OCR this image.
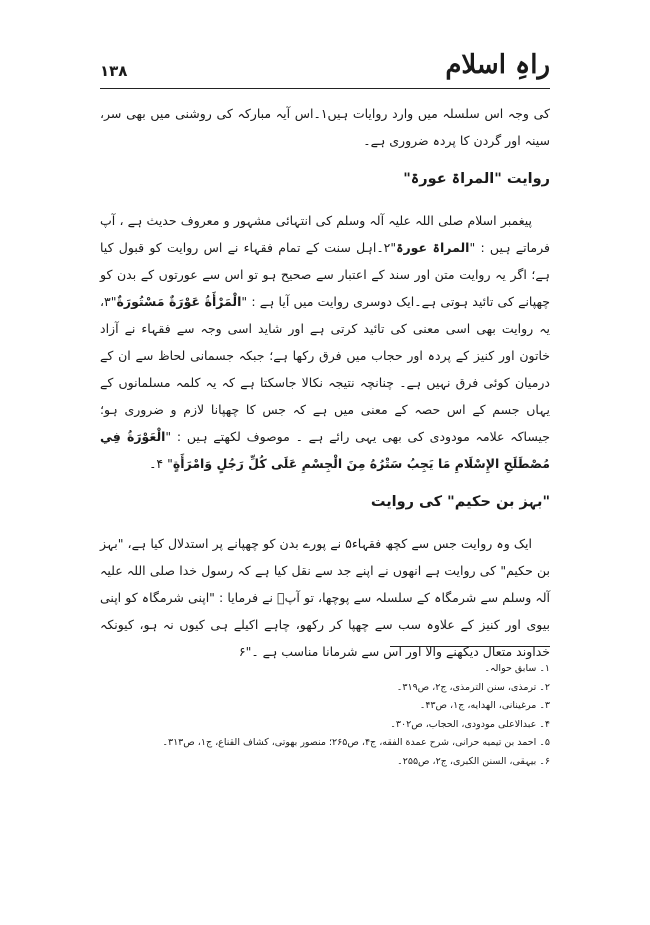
۱۳۸	راہِ اسلام

کی وجہ اس سلسلہ میں وارد روایات ہیں۱۔اس آیہ مبارکہ کی روشنی میں بھی سر، سینہ اور گردن کا پردہ ضروری ہے۔

روایت "المراۃ عورۃ"

پیغمبر اسلام صلی اللہ علیہ آلہ وسلم کی انتہائی مشہور و معروف حدیث ہے ، آپ فرماتے ہیں : "المراۃ عورۃ"۲۔اہل سنت کے تمام فقہاء نے اس روایت کو قبول کیا ہے؛ اگر یہ روایت متن اور سند کے اعتبار سے صحیح ہو تو اس سے عورتوں کے بدن کو چھپانے کی تائید ہوتی ہے۔ایک دوسری روایت میں آیا ہے : "الْمَرْأَةُ عَوْرَةٌ مَسْتُورَةٌ"۳، یہ روایت بھی اسی معنی کی تائید کرتی ہے اور شاید اسی وجہ سے فقہاء نے آزاد خاتون اور کنیز کے پردہ اور حجاب میں فرق رکھا ہے؛ جبکہ جسمانی لحاظ سے ان کے درمیان کوئی فرق نہیں ہے۔ چنانچہ نتیجہ نکالا جاسکتا ہے کہ یہ کلمہ مسلمانوں کے یہاں جسم کے اس حصہ کے معنی میں ہے کہ جس کا چھپانا لازم و ضروری ہو؛ جیساکہ علامہ مودودی کی بھی یہی رائے ہے ۔ موصوف لکھتے ہیں : "الْعَوْرَةُ فِي مُصْطَلَحِ الإِسْلَامِ مَا يَجِبُ سَتْرُهُ مِنَ الْجِسْمِ عَلَى كُلِّ رَجُلٍ وَامْرَأَةٍ" ۴۔

"بہز بن حکیم" کی روایت

ایک وہ روایت جس سے کچھ فقہاء۵ نے پورے بدن کو چھپانے پر استدلال کیا ہے، "بہز بن حکیم" کی روایت ہے انھوں نے اپنے جد سے نقل کیا ہے کہ رسول خدا صلی اللہ علیہ آلہ وسلم سے شرمگاہ کے سلسلہ سے پوچھا، تو آپؐ نے فرمایا : "اپنی شرمگاہ کو اپنی بیوی اور کنیز کے علاوہ سب سے چھپا کر رکھو، چاہے اکیلے ہی کیوں نہ ہو، کیونکہ خداوند متعال دیکھنے والا اور اس سے شرمانا مناسب ہے ۔"۶

۱۔ سابق حوالہ۔
۲۔ ترمذی، سنن الترمذی، ج۲، ص۳۱۹۔
۳۔ مرغینانی، الهدایه، ج۱، ص۴۳۔
۴۔ عبدالاعلی مودودی، الحجاب، ص۳۰۲۔
۵۔ احمد بن تیمیه حرانی، شرح عمدة الفقه، ج۴، ص۲۶۵؛ منصور بهوتی، کشاف القناع، ج۱، ص۳۱۳۔
۶۔ بیہقی، السنن الکبری، ج۲، ص۲۵۵۔
